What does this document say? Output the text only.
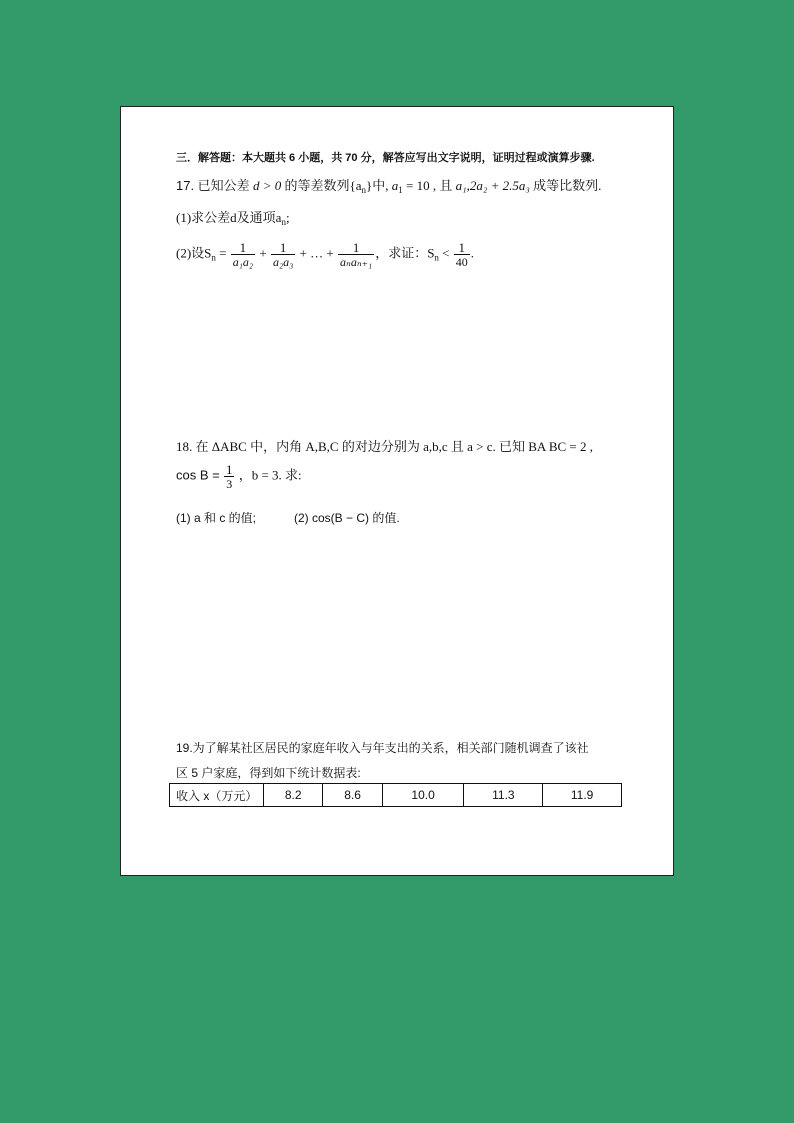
三．解答题：本大题共 6 小题，共 70 分，解答应写出文字说明，证明过程或演算步骤.
17. 已知公差 d > 0 的等差数列$\{a_n\}$中, $a_1 = 10$ , 且 a₁,2a₂ + 2.5a₃ 成等比数列.
(1)求公差d及通项$a_n$;
(2)设$S_n = \frac{1}{\text{a₁a₂}} + \frac{1}{\text{a₂a₃}}$ + … + $\frac{1}{\text{aₙaₙ₊₁}}$ ，求证：$S_n < \frac{1}{40}$ .
18. 在 ΔABC 中，内角 A,B,C 的对边分别为 a,b,c 且 a > c. 已知 BA BC = 2 ,
$\cos B = \frac{1}{3}$ ，b = 3. 求:
(1) a 和 c 的值;	(2) cos(B − C) 的值.
19.为了解某社区居民的家庭年收入与年支出的关系，相关部门随机调查了该社
区 5 户家庭，得到如下统计数据表:
收入 x（万元）	8.2	8.6	10.0	11.3	11.9
